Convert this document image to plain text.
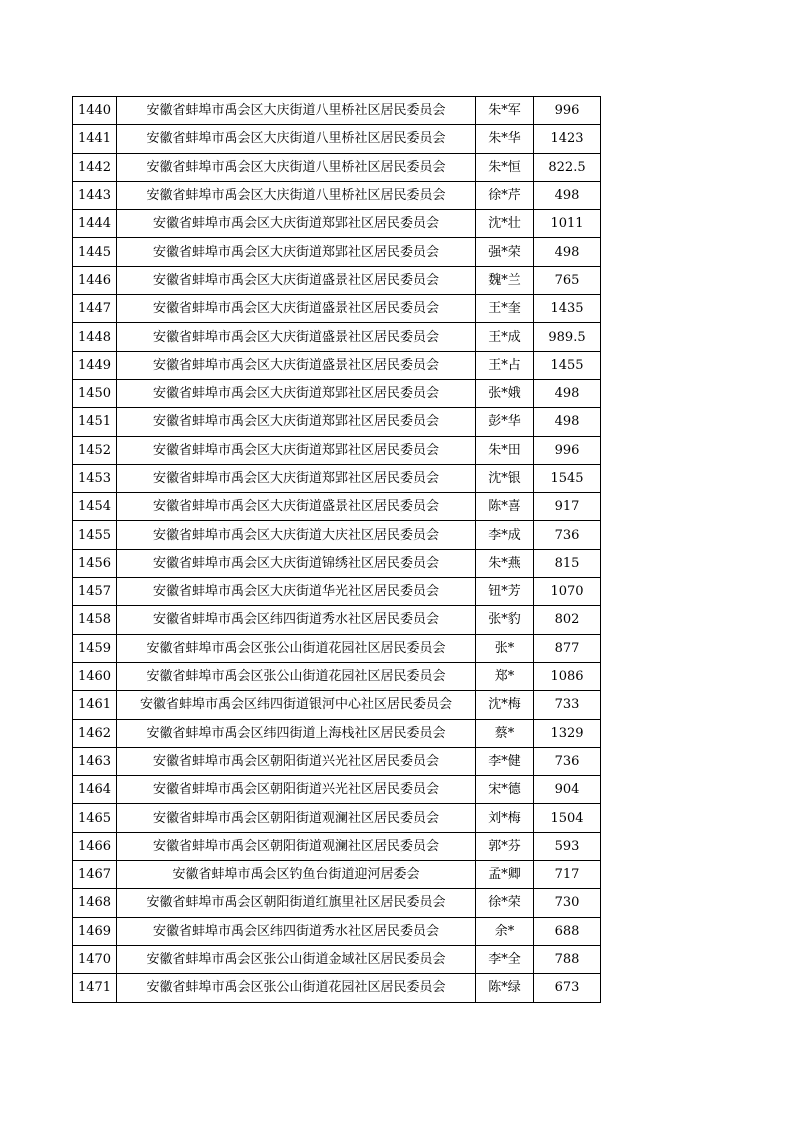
1440	安徽省蚌埠市禹会区大庆街道八里桥社区居民委员会	朱*军	996
1441	安徽省蚌埠市禹会区大庆街道八里桥社区居民委员会	朱*华	1423
1442	安徽省蚌埠市禹会区大庆街道八里桥社区居民委员会	朱*恒	822.5
1443	安徽省蚌埠市禹会区大庆街道八里桥社区居民委员会	徐*芹	498
1444	安徽省蚌埠市禹会区大庆街道郑郢社区居民委员会	沈*壮	1011
1445	安徽省蚌埠市禹会区大庆街道郑郢社区居民委员会	强*荣	498
1446	安徽省蚌埠市禹会区大庆街道盛景社区居民委员会	魏*兰	765
1447	安徽省蚌埠市禹会区大庆街道盛景社区居民委员会	王*奎	1435
1448	安徽省蚌埠市禹会区大庆街道盛景社区居民委员会	王*成	989.5
1449	安徽省蚌埠市禹会区大庆街道盛景社区居民委员会	王*占	1455
1450	安徽省蚌埠市禹会区大庆街道郑郢社区居民委员会	张*娥	498
1451	安徽省蚌埠市禹会区大庆街道郑郢社区居民委员会	彭*华	498
1452	安徽省蚌埠市禹会区大庆街道郑郢社区居民委员会	朱*田	996
1453	安徽省蚌埠市禹会区大庆街道郑郢社区居民委员会	沈*银	1545
1454	安徽省蚌埠市禹会区大庆街道盛景社区居民委员会	陈*喜	917
1455	安徽省蚌埠市禹会区大庆街道大庆社区居民委员会	李*成	736
1456	安徽省蚌埠市禹会区大庆街道锦绣社区居民委员会	朱*燕	815
1457	安徽省蚌埠市禹会区大庆街道华光社区居民委员会	钮*芳	1070
1458	安徽省蚌埠市禹会区纬四街道秀水社区居民委员会	张*豹	802
1459	安徽省蚌埠市禹会区张公山街道花园社区居民委员会	张*	877
1460	安徽省蚌埠市禹会区张公山街道花园社区居民委员会	郑*	1086
1461	安徽省蚌埠市禹会区纬四街道银河中心社区居民委员会	沈*梅	733
1462	安徽省蚌埠市禹会区纬四街道上海栈社区居民委员会	蔡*	1329
1463	安徽省蚌埠市禹会区朝阳街道兴光社区居民委员会	李*健	736
1464	安徽省蚌埠市禹会区朝阳街道兴光社区居民委员会	宋*德	904
1465	安徽省蚌埠市禹会区朝阳街道观澜社区居民委员会	刘*梅	1504
1466	安徽省蚌埠市禹会区朝阳街道观澜社区居民委员会	郭*芬	593
1467	安徽省蚌埠市禹会区钓鱼台街道迎河居委会	孟*卿	717
1468	安徽省蚌埠市禹会区朝阳街道红旗里社区居民委员会	徐*荣	730
1469	安徽省蚌埠市禹会区纬四街道秀水社区居民委员会	余*	688
1470	安徽省蚌埠市禹会区张公山街道金域社区居民委员会	李*全	788
1471	安徽省蚌埠市禹会区张公山街道花园社区居民委员会	陈*绿	673
